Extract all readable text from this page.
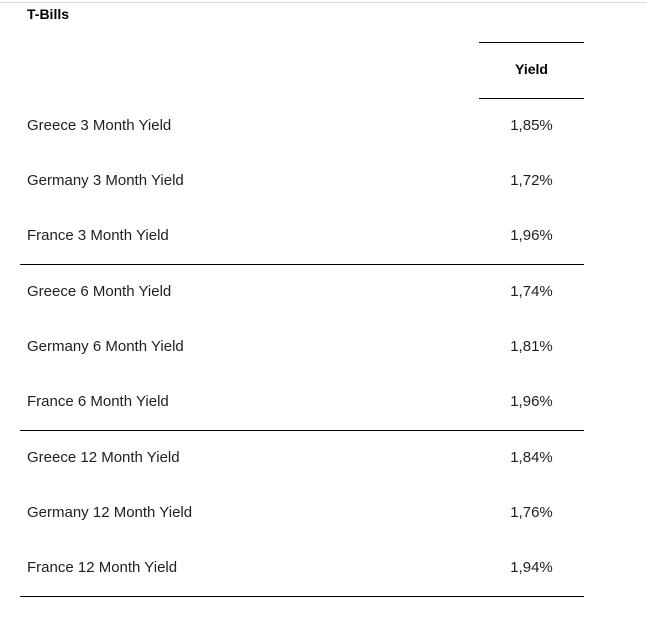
T-Bills
Yield
Greece 3 Month Yield	1,85%
Germany 3 Month Yield	1,72%
France 3 Month Yield	1,96%
Greece 6 Month Yield	1,74%
Germany 6 Month Yield	1,81%
France 6 Month Yield	1,96%
Greece 12 Month Yield	1,84%
Germany 12 Month Yield	1,76%
France 12 Month Yield	1,94%
